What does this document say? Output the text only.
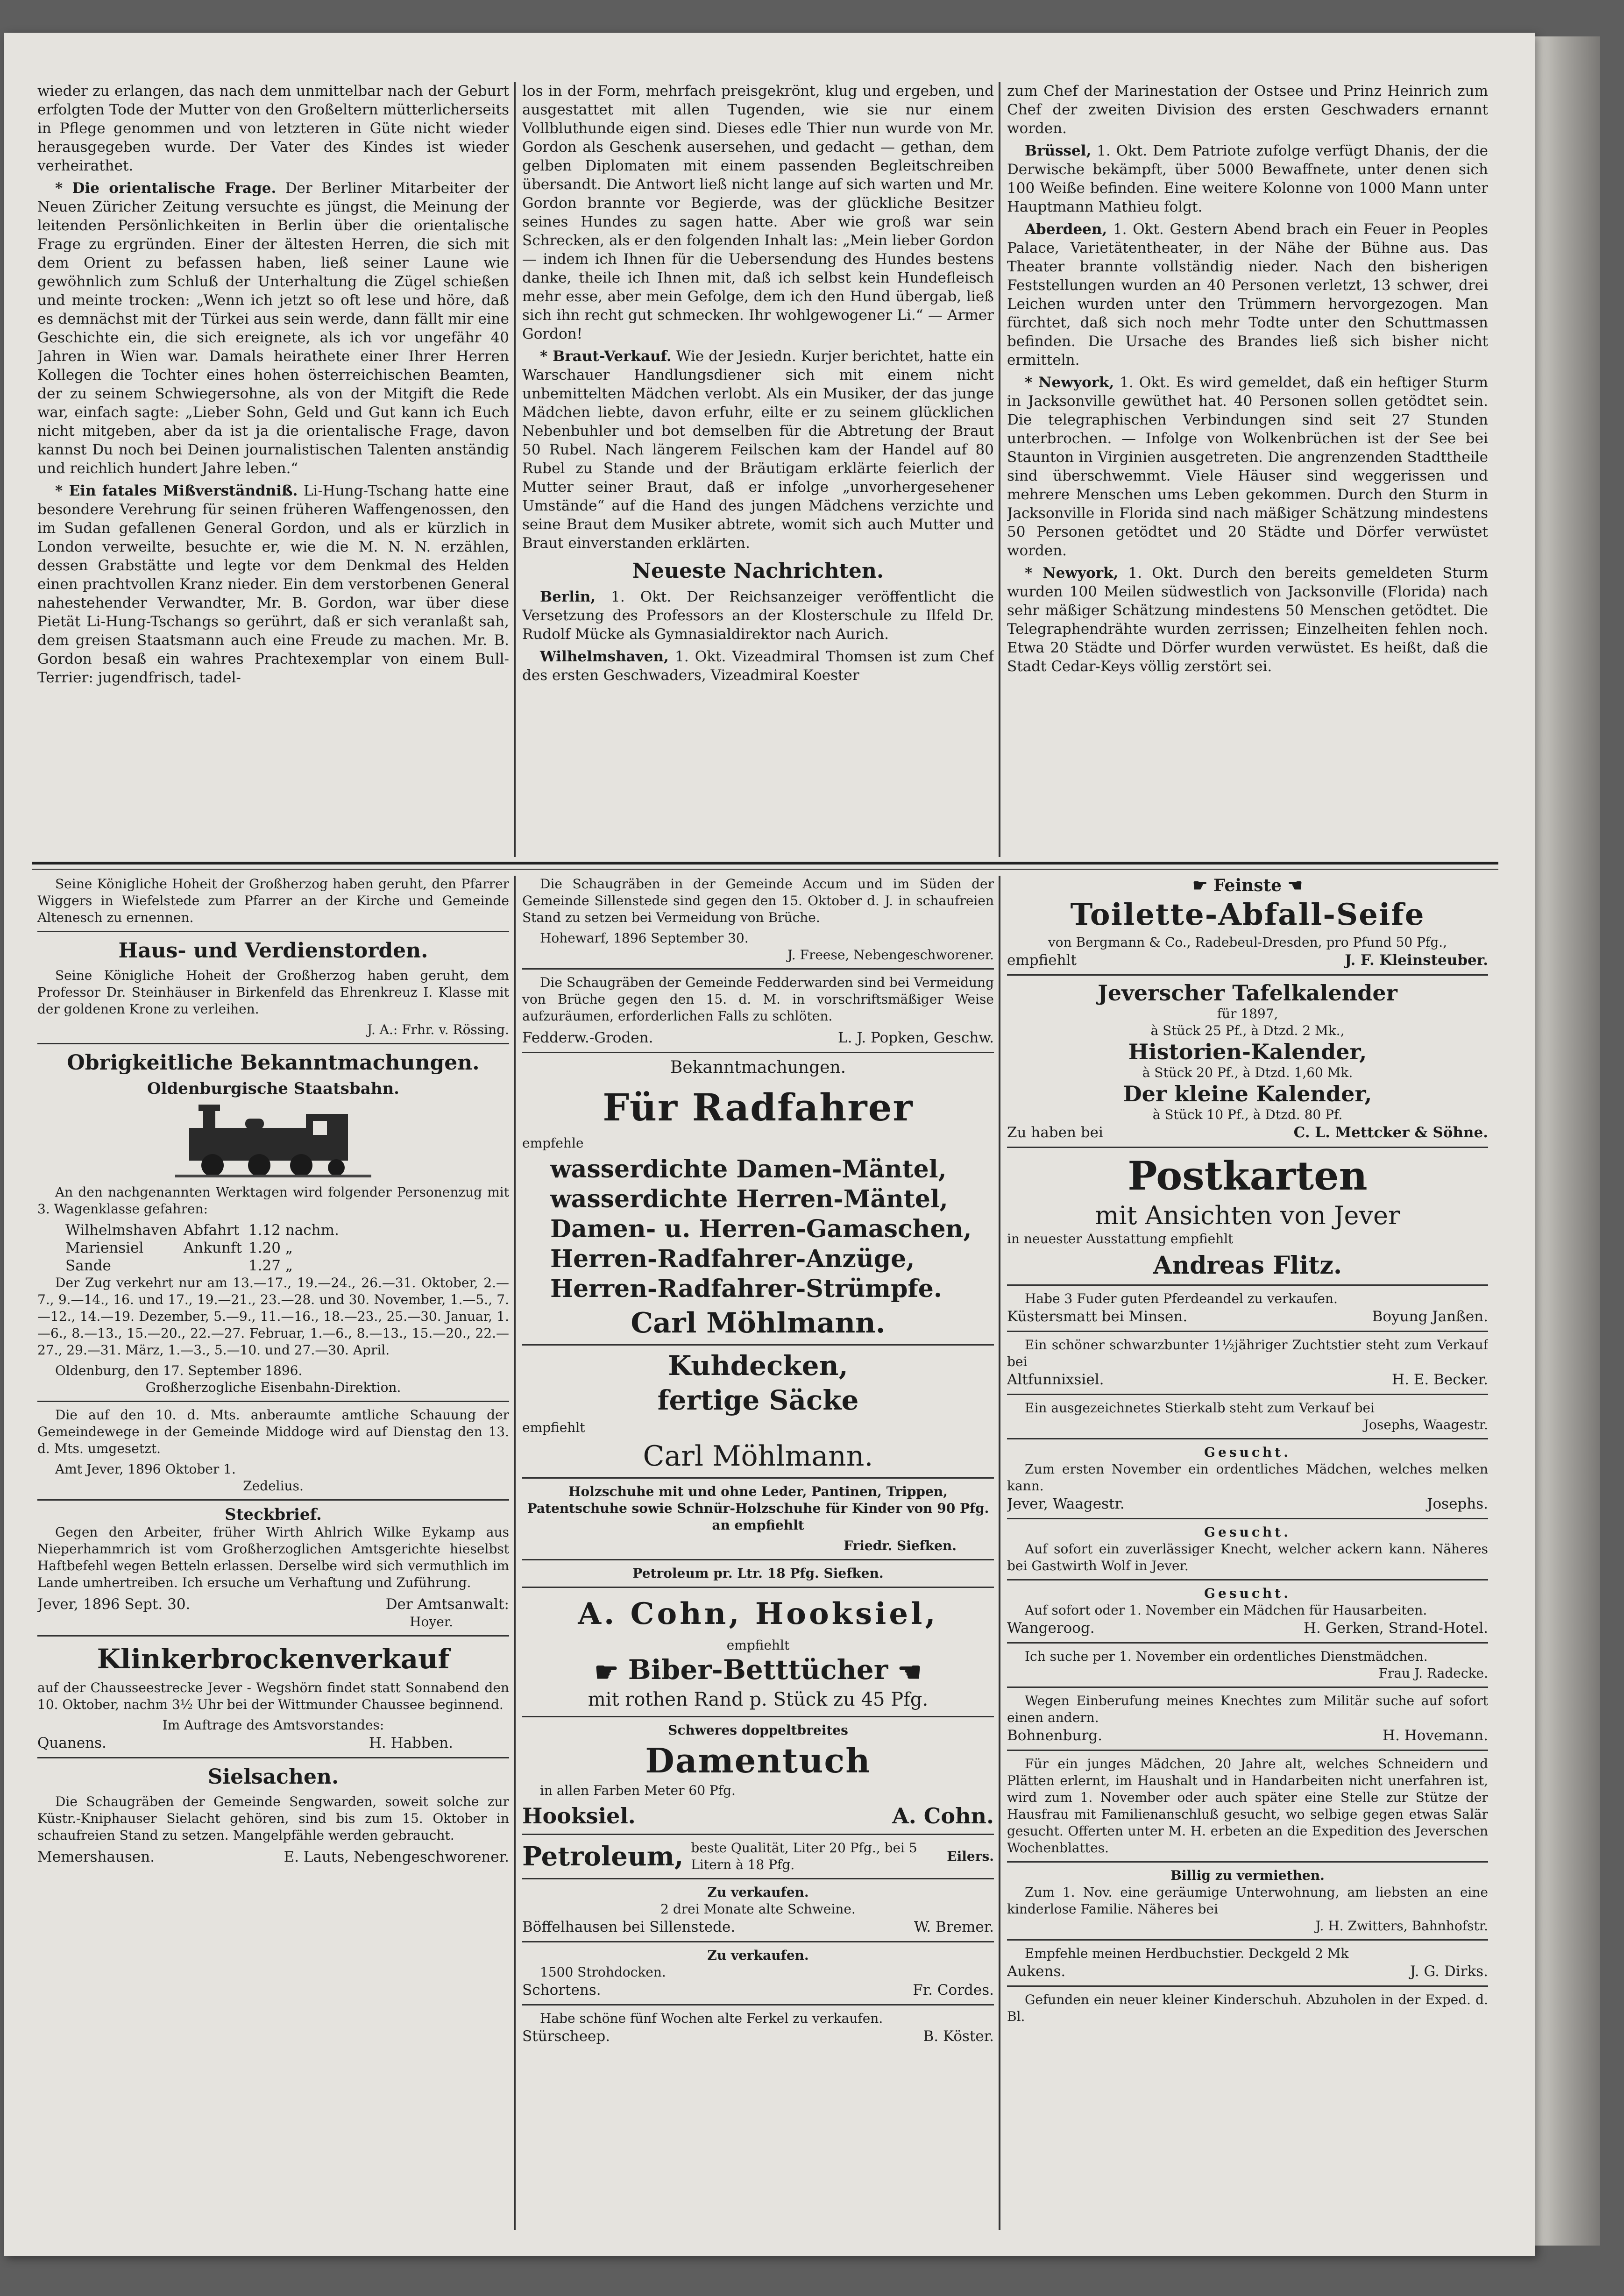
wieder zu erlangen, das nach dem unmittelbar nach der Geburt erfolgten Tode der Mutter von den Großeltern mütterlicherseits in Pflege genommen und von letzteren in Güte nicht wieder herausgegeben wurde. Der Vater des Kindes ist wieder verheirathet.

* Die orientalische Frage. Der Berliner Mitarbeiter der Neuen Züricher Zeitung versuchte es jüngst, die Meinung der leitenden Persönlichkeiten in Berlin über die orientalische Frage zu ergründen. Einer der ältesten Herren, die sich mit dem Orient zu befassen haben, ließ seiner Laune wie gewöhnlich zum Schluß der Unterhaltung die Zügel schießen und meinte trocken: „Wenn ich jetzt so oft lese und höre, daß es demnächst mit der Türkei aus sein werde, dann fällt mir eine Geschichte ein, die sich ereignete, als ich vor ungefähr 40 Jahren in Wien war. Damals heirathete einer Ihrer Herren Kollegen die Tochter eines hohen österreichischen Beamten, der zu seinem Schwiegersohne, als von der Mitgift die Rede war, einfach sagte: „Lieber Sohn, Geld und Gut kann ich Euch nicht mitgeben, aber da ist ja die orientalische Frage, davon kannst Du noch bei Deinen journalistischen Talenten anständig und reichlich hundert Jahre leben.“

* Ein fatales Mißverständniß. Li-Hung-Tschang hatte eine besondere Verehrung für seinen früheren Waffengenossen, den im Sudan gefallenen General Gordon, und als er kürzlich in London verweilte, besuchte er, wie die M. N. N. erzählen, dessen Grabstätte und legte vor dem Denkmal des Helden einen prachtvollen Kranz nieder. Ein dem verstorbenen General nahestehender Verwandter, Mr. B. Gordon, war über diese Pietät Li-Hung-Tschangs so gerührt, daß er sich veranlaßt sah, dem greisen Staatsmann auch eine Freude zu machen. Mr. B. Gordon besaß ein wahres Prachtexemplar von einem Bull-Terrier: jugendfrisch, tadel-

los in der Form, mehrfach preisgekrönt, klug und ergeben, und ausgestattet mit allen Tugenden, wie sie nur einem Vollbluthunde eigen sind. Dieses edle Thier nun wurde von Mr. Gordon als Geschenk ausersehen, und gedacht — gethan, dem gelben Diplomaten mit einem passenden Begleitschreiben übersandt. Die Antwort ließ nicht lange auf sich warten und Mr. Gordon brannte vor Begierde, was der glückliche Besitzer seines Hundes zu sagen hatte. Aber wie groß war sein Schrecken, als er den folgenden Inhalt las: „Mein lieber Gordon — indem ich Ihnen für die Uebersendung des Hundes bestens danke, theile ich Ihnen mit, daß ich selbst kein Hundefleisch mehr esse, aber mein Gefolge, dem ich den Hund übergab, ließ sich ihn recht gut schmecken. Ihr wohlgewogener Li.“ — Armer Gordon!

* Braut-Verkauf. Wie der Jesiedn. Kurjer berichtet, hatte ein Warschauer Handlungsdiener sich mit einem nicht unbemittelten Mädchen verlobt. Als ein Musiker, der das junge Mädchen liebte, davon erfuhr, eilte er zu seinem glücklichen Nebenbuhler und bot demselben für die Abtretung der Braut 50 Rubel. Nach längerem Feilschen kam der Handel auf 80 Rubel zu Stande und der Bräutigam erklärte feierlich der Mutter seiner Braut, daß er infolge „unvorhergesehener Umstände“ auf die Hand des jungen Mädchens verzichte und seine Braut dem Musiker abtrete, womit sich auch Mutter und Braut einverstanden erklärten.

Neueste Nachrichten.

Berlin, 1. Okt. Der Reichsanzeiger veröffentlicht die Versetzung des Professors an der Klosterschule zu Ilfeld Dr. Rudolf Mücke als Gymnasialdirektor nach Aurich.

Wilhelmshaven, 1. Okt. Vizeadmiral Thomsen ist zum Chef des ersten Geschwaders, Vizeadmiral Koester

zum Chef der Marinestation der Ostsee und Prinz Heinrich zum Chef der zweiten Division des ersten Geschwaders ernannt worden.

Brüssel, 1. Okt. Dem Patriote zufolge verfügt Dhanis, der die Derwische bekämpft, über 5000 Bewaffnete, unter denen sich 100 Weiße befinden. Eine weitere Kolonne von 1000 Mann unter Hauptmann Mathieu folgt.

Aberdeen, 1. Okt. Gestern Abend brach ein Feuer in Peoples Palace, Varietätentheater, in der Nähe der Bühne aus. Das Theater brannte vollständig nieder. Nach den bisherigen Feststellungen wurden an 40 Personen verletzt, 13 schwer, drei Leichen wurden unter den Trümmern hervorgezogen. Man fürchtet, daß sich noch mehr Todte unter den Schuttmassen befinden. Die Ursache des Brandes ließ sich bisher nicht ermitteln.

* Newyork, 1. Okt. Es wird gemeldet, daß ein heftiger Sturm in Jacksonville gewüthet hat. 40 Personen sollen getödtet sein. Die telegraphischen Verbindungen sind seit 27 Stunden unterbrochen. — Infolge von Wolkenbrüchen ist der See bei Staunton in Virginien ausgetreten. Die angrenzenden Stadttheile sind überschwemmt. Viele Häuser sind weggerissen und mehrere Menschen ums Leben gekommen. Durch den Sturm in Jacksonville in Florida sind nach mäßiger Schätzung mindestens 50 Personen getödtet und 20 Städte und Dörfer verwüstet worden.

* Newyork, 1. Okt. Durch den bereits gemeldeten Sturm wurden 100 Meilen südwestlich von Jacksonville (Florida) nach sehr mäßiger Schätzung mindestens 50 Menschen getödtet. Die Telegraphendrähte wurden zerrissen; Einzelheiten fehlen noch. Etwa 20 Städte und Dörfer wurden verwüstet. Es heißt, daß die Stadt Cedar-Keys völlig zerstört sei.

Seine Königliche Hoheit der Großherzog haben geruht, den Pfarrer Wiggers in Wiefelstede zum Pfarrer an der Kirche und Gemeinde Altenesch zu ernennen.

Haus- und Verdienstorden.

Seine Königliche Hoheit der Großherzog haben geruht, dem Professor Dr. Steinhäuser in Birkenfeld das Ehrenkreuz I. Klasse mit der goldenen Krone zu verleihen.

J. A.: Frhr. v. Rössing.

Obrigkeitliche Bekanntmachungen.
Oldenburgische Staatsbahn.

An den nachgenannten Werktagen wird folgender Personenzug mit 3. Wagenklasse gefahren:

Wilhelmshaven	Abfahrt	1.12 nachm.
Mariensiel	Ankunft	1.20 „
Sande		1.27 „

Der Zug verkehrt nur am 13.—17., 19.—24., 26.—31. Oktober, 2.—7., 9.—14., 16. und 17., 19.—21., 23.—28. und 30. November, 1.—5., 7.—12., 14.—19. Dezember, 5.—9., 11.—16., 18.—23., 25.—30. Januar, 1.—6., 8.—13., 15.—20., 22.—27. Februar, 1.—6., 8.—13., 15.—20., 22.—27., 29.—31. März, 1.—3., 5.—10. und 27.—30. April.

Oldenburg, den 17. September 1896.

Großherzogliche Eisenbahn-Direktion.

Die auf den 10. d. Mts. anberaumte amtliche Schauung der Gemeindewege in der Gemeinde Middoge wird auf Dienstag den 13. d. Mts. umgesetzt.

Amt Jever, 1896 Oktober 1.

Zedelius.

Steckbrief.

Gegen den Arbeiter, früher Wirth Ahlrich Wilke Eykamp aus Nieperhammrich ist vom Großherzoglichen Amtsgerichte hieselbst Haftbefehl wegen Betteln erlassen. Derselbe wird sich vermuthlich im Lande umhertreiben. Ich ersuche um Verhaftung und Zuführung.

Jever, 1896 Sept. 30.	Der Amtsanwalt:

Hoyer.

Klinkerbrockenverkauf

auf der Chausseestrecke Jever - Wegshörn findet statt Sonnabend den 10. Oktober, nachm 3½ Uhr bei der Wittmunder Chaussee beginnend.

Im Auftrage des Amtsvorstandes:

Quanens.	H. Habben.
Sielsachen.

Die Schaugräben der Gemeinde Sengwarden, soweit solche zur Küstr.-Kniphauser Sielacht gehören, sind bis zum 15. Oktober in schaufreien Stand zu setzen. Mangelpfähle werden gebraucht.

Memershausen.	E. Lauts, Nebengeschworener.

Die Schaugräben in der Gemeinde Accum und im Süden der Gemeinde Sillenstede sind gegen den 15. Oktober d. J. in schaufreien Stand zu setzen bei Vermeidung von Brüche.

Hohewarf, 1896 September 30.

J. Freese, Nebengeschworener.

Die Schaugräben der Gemeinde Fedderwarden sind bei Vermeidung von Brüche gegen den 15. d. M. in vorschriftsmäßiger Weise aufzuräumen, erforderlichen Falls zu schlöten.

Fedderw.-Groden.	L. J. Popken, Geschw.
Bekanntmachungen.
Für Radfahrer

empfehle

wasserdichte Damen-Mäntel,
wasserdichte Herren-Mäntel,
Damen- u. Herren-Gamaschen,
Herren-Radfahrer-Anzüge,
Herren-Radfahrer-Strümpfe.
Carl Möhlmann.
Kuhdecken,
fertige Säcke

empfiehlt

Carl Möhlmann.

Holzschuhe mit und ohne Leder, Pantinen, Trippen, Patentschuhe sowie Schnür-Holzschuhe für Kinder von 90 Pfg. an empfiehlt

Friedr. Siefken.

Petroleum pr. Ltr. 18 Pfg. Siefken.

A. Cohn, Hooksiel,

empfiehlt

☛ Biber-Betttücher ☚

mit rothen Rand p. Stück zu 45 Pfg.

Schweres doppeltbreites

Damentuch

in allen Farben Meter 60 Pfg.

Hooksiel.	A. Cohn.
Petroleum, beste Qualität, Liter 20 Pfg., bei 5 Litern à 18 Pfg.
Eilers.

Zu verkaufen.

2 drei Monate alte Schweine.

Böffelhausen bei Sillenstede.	W. Bremer.

Zu verkaufen.

1500 Strohdocken.

Schortens.	Fr. Cordes.

Habe schöne fünf Wochen alte Ferkel zu verkaufen.

Stürscheep.	B. Köster.
☛ Feinste ☚
Toilette-Abfall-Seife

von Bergmann & Co., Radebeul-Dresden, pro Pfund 50 Pfg.,

empfiehlt	J. F. Kleinsteuber.
Jeverscher Tafelkalender

für 1897,

à Stück 25 Pf., à Dtzd. 2 Mk.,

Historien-Kalender,

à Stück 20 Pf., à Dtzd. 1,60 Mk.

Der kleine Kalender,

à Stück 10 Pf., à Dtzd. 80 Pf.

Zu haben bei	C. L. Mettcker & Söhne.
Postkarten
mit Ansichten von Jever

in neuester Ausstattung empfiehlt

Andreas Flitz.

Habe 3 Fuder guten Pferdeandel zu verkaufen.

Küstersmatt bei Minsen.	Boyung Janßen.

Ein schöner schwarzbunter 1½jähriger Zuchtstier steht zum Verkauf bei

Altfunnixsiel.	H. E. Becker.

Ein ausgezeichnetes Stierkalb steht zum Verkauf bei

Josephs, Waagestr.

Gesucht.

Zum ersten November ein ordentliches Mädchen, welches melken kann.

Jever, Waagestr.	Josephs.

Gesucht.

Auf sofort ein zuverlässiger Knecht, welcher ackern kann. Näheres bei Gastwirth Wolf in Jever.

Gesucht.

Auf sofort oder 1. November ein Mädchen für Hausarbeiten.

Wangeroog.	H. Gerken, Strand-Hotel.

Ich suche per 1. November ein ordentliches Dienstmädchen.

Frau J. Radecke.

Wegen Einberufung meines Knechtes zum Militär suche auf sofort einen andern.

Bohnenburg.	H. Hovemann.

Für ein junges Mädchen, 20 Jahre alt, welches Schneidern und Plätten erlernt, im Haushalt und in Handarbeiten nicht unerfahren ist, wird zum 1. November oder auch später eine Stelle zur Stütze der Hausfrau mit Familienanschluß gesucht, wo selbige gegen etwas Salär gesucht. Offerten unter M. H. erbeten an die Expedition des Jeverschen Wochenblattes.

Billig zu vermiethen.

Zum 1. Nov. eine geräumige Unterwohnung, am liebsten an eine kinderlose Familie. Näheres bei

J. H. Zwitters, Bahnhofstr.

Empfehle meinen Herdbuchstier. Deckgeld 2 Mk

Aukens.	J. G. Dirks.

Gefunden ein neuer kleiner Kinderschuh. Abzuholen in der Exped. d. Bl.
